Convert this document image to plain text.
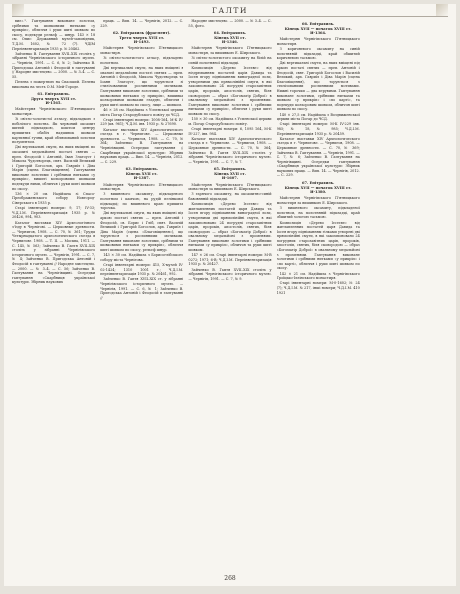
ГАЛТИ

вие».². Гаптування виконане золотом, срібними та шовковими нитками «у прикріп», обличчя і руки шиті шовком по скосу, подекуди рельєф — шнур. 143 × 18 см. Опис: Державний музей-заповідник, Т.Д.М. 1602, № 72 (7). ЧДІМ Переінвентаризація 1935 р. № 20462.

Зайченко В. Гаптування ХVІІ–ХІХ століть у зібранні Чернігівського історичного музею. — Чернігів, 1991. — С. 6, № 2; Зайченко В. Пригодська Антоній і Феодосій в гаптуванні // Народне мистецтво. — 2000. — № 3–4. — С. 55.

Пелена з пожертвою на Спаський. Пелена виконана на честь О.М. Мей-Городе.

61. Епітрахиль.
Друга чверть XVII ст.
И-1565.

Майстерня Чернігівського П'ятницького монастиря.

Зі світло-золотистої атласу, підкладкою з побілілого полотна. Як червоний оксамит шитий підкладкою, коштом центру пришитих обабіч надшивок шовком картинної гучни, край облямований золотим позументом.

Дві вертикальні смуги, на яких вміщені по оксамиті медальйонні постаті святих — преп. Феодосій і Антоній, Іван Златоуст і Микола Чудотворець, свят. Василій Великий і Григорій Богослов, арх. Гавриїл і Діва Марія (сцена Благовіщення). Гаптування виконане золотими і срібними нитками «у прикріп», вишиті кольоровими шовками подекуди ними, обличчя і руки шиті шовком по скосу.

136 × 20 см. Надійшла зі Спасо-Преображенського собору Новгород-Сіверського в 1935 р.

Старі інвентарні номери: 9, 17; ІV-33; Ч.Д.І.М. Переінвентаризація 1935 р. № 20426, 994, 903.

Каталог виставки ХІV Археологічного з'їзду в Чернігові. — Церковные древности. — Чернигов, 1908. — С. 70, № 361; Труды Четырнадцатого археологического съезда в Чернигове. 1908. — Т. ІІ. — Москва, 1911. — С. 145, № 563; Зайченко В. Гаптя ХVІІ–ХІХ століть у зібранні Чернігівського історичного музею. — Чернігів, 1991. — С. 7, № 4; Зайченко В. Пригодська Антоній і Феодосій в гаптуванні // Народне мистецтво. — 2000. — № 3–4. — С. 56; Зайченко В. Гаптування на Чернігівщині. Осередки гаптування «Скарбниця української культури. Збірник наукових

праць. — Вип. 14. — Чернігів, 2012. — С. 229.

62. Епітрахиль (фрагмент).
Третя чверть XVII ст.
И-1493.

Майстерня Чернігівського П'ятницького монастиря.

Зі світло-золотистого атласу, підкладено полотном.

Дві вертикальні смуги, на яких вміщені в овальні медальйони постаті святих — преп. Антоній і Феодосій, Микола Чудотворець та Іоанн Златоуст, що торуються зі стилізованими рослинними мотивами. Гаптування виконане золотими, срібними та шовковими нитками «у прикріп», вишивка кольоровими шовками гладдю, обличчя і руки шиті шовком по скосу, лице — шовком.

46 × 28 см. Надійшла з Успенської церкви міста Погар Стародубського повіту до ЧСД.

Старі інвентарні номери: 1008-164, М-К ІV-229 (кв. 961); Ч.Д.М. інв. 1935 р. № 27690.

Каталог выставки XIV Археологического съезда в г. Чернигове. — Церковные древности. — Чернигов, 1908. — С. 70, № 364; Зайченко В. Гаптування на Чернігівщині. Осередки гаптування // Скарбниця української культури: Збірник наукових праць. — Вип. 14. — Чернігів, 2012. — С. 229.

63. Епітрахиль.
Кінець XVII ст.
И-1387.

Майстерня Чернігівського П'ятницького монастиря.

З вишневого оксамиту, підкладеного полотном і камчою, на рудій пелінкової підкладці; по вишневого краю пришита торочка.

Дві вертикальні смуги, на яких вміщені під аркою постаті святих — преп. Антоній і Феодосій, св. Борис і Гліб, свят. Василій Великий і Григорій Богослов, арх. Гавриїл і Діва Марія (сцена «Благовіщення»), що торуються з рослинними мотивами. Гаптування виконане золотими, срібними та шовковими нитками «у прикріп», обличчя шиті шовком по скосу, рельєф шнур.

143 × 30 см. Надійшла з Борисоглібського собору міста Чернігова.

Старі інвентарні номери: 415, Х-музей ІV-02-1424; 1310 1001 г.; Ч.Д.І.М. переінвентаризація 1935 р. № 20461, 992.

Зайченко В. Гаптя ХVІІ–ХІХ ст. у зібранні Чернігівського історичного музею. — Чернігів, 1991. — С. 6, № 1; Зайченко В. Пригодська Антоній і Феодосій в гаптуванні //

Народне мистецтво. — 2000. — № 3–4. — С. 55, фото.

64. Епітрахиль.
Кінець XVII ст.
И-1346.

Майстерня Чернігівського П'ятницького монастиря, за вишивкою Е. Ширського.

Зі світло-золотистого оксамиту на білій на синій полотняної підкладці.

Композиція «Дерево Ієсеєве» від ніздрюванням постатей царів Давида та Іосея вгору підніманням виноградної лози, утвореними два прямолінійні смуги, в які закомпоновано 24 погрудні старозавітних царів, пророків, апостолів, святих, біля сковородою — образ «Богоматір Доброї» в овальному медальйоні з променями. Гаптування виконане золотими і срібними нитками «у прикріп», обличчя і руки шиті шовком по скосу.

150 × 30 см. Надійшла з Успенської церкви м. Погар Стародубського повіту.

Старі інвентарні номери: 6, 1095 164, М-К ІV-227, інв. 984.

Каталог выставки XIV Археологического съезда в г. Чернигове. — Чернигов, 1908. — Церковные древности. — С. 70, № 364; Зайченко В. Гаптя ХVІІ–ХІХ століть у зібранні Чернігівського історичного музею. — Чернігів, 1991. — С. 7, № 7.

65. Епітрахиль.
Кінець XVII ст.
И-1607.

Майстерня Чернігівського П'ятницького монастиря за вишивкою Е. Ширського.

З гарячого оксамиту, на оксамитно-синій бавовняній підкладці.

Композиція «Дерево Ієсеєве» від житлавленних постатей царя Давида та Іосея вгору підніманням виноградної лози, утвореними дві прямолінійні смуги, в які закомпоновано 24 погрудні старозавітних царів, пророків, апостолів, святих, біля сковородою — образ «Богоматір Доброї» в овальному медальйоні з променями. Гаптування виконане золотими і срібними нитками «у прикріп», обличчя та руки шиті шовком.

147 × 26 см. Старі інвентарні номери: М-В 0272; 1971; 6-В; Ч.Д.І.М. Переінвентаризація 1935 р. № 20427.

Зайченко В. Гаптя ХVІІ–ХІХ століть у зібранні Чернігівського історичного музею. — Чернігів, 1991. — С. 7, № 9.

66. Епітрахиль.
Кінець XVII — початок XVIII ст.
И-1364.

Майстерня Чернігівського П'ятницького монастиря.

З коричневого оксамиту на синій полотняній підкладці, край обшитий коричневою тасьмою.

Дві вертикальні смуги, на яких вміщені під аркою постаті святих — преп. Антоній і Феодосій, свят. Григорій Богослов і Василій Великий, арх. Гавриїл і Діва Марія (сцена Благовіщення), що торуються з стилізованими рослинними мотивами. Нижні торочки — два херувими. Гаптування виконане золотими, срібними нитками та шовком «у прикріп» і «по карті», та подекуди кольоровим шовком, обличчя шиті шовком по скосу.

140 × 27,5 см. Надійшла з Воздвиженської церкви міста Погар до ЧСД.

Старі інвентарні номери: М-К ІV-229 інв. 985; № 18, № 985; Ч.Д.І.М. Переінвентаризація 1935 р. № 20459.

Каталог выставки XIV Археологического съезда в г. Чернигове. — Чернигов, 1908. — Церковные древности. — С. 70, № 369; Зайченко В. Гаптування. — Чернігів, 1991. — С. 7, № 6; Зайченко В. Гаптування на Чернігівщині. Осередки гаптування «Скарбниця української культури: Збірник наукових праць. — Вип. 14. — Чернігів, 2012. — С. 229.

67. Епітрахиль.
Кінець XVII — початок XVIII ст.
И-1380.

Майстерня Чернігівського П'ятницького монастиря за вишивкою Е. Ширського.

З вишневого оксамиту, підкладеної полотном, на полотняній підкладці, край обшитий золотою тасьмою.

Композиція «Дерево Ієсеєве» від житлавленних постатей царя Давида та Іосея вгору підніманням гілками утворені дві прямолінійні смуги, в які закомпоновано 24 погрудних старозавітних царів, пророків, апостолів, святих, біля сковородою — образ «Богоматір Доброї» в овальному медальйоні з променями. Гаптування виконане золотими і срібними нитками «у прикріп» і «по карті», обличчя і руки шиті шовком по скосу.

142 × 21 см. Надійшла з Чернігівського Троїцько-Іллінського монастиря.

Старі інвентарні номери: М-0-1602; № 24 (7); Ч.Д.І.М. № 217, інші номери; Ч.Д.І.М. 410 1921

268
